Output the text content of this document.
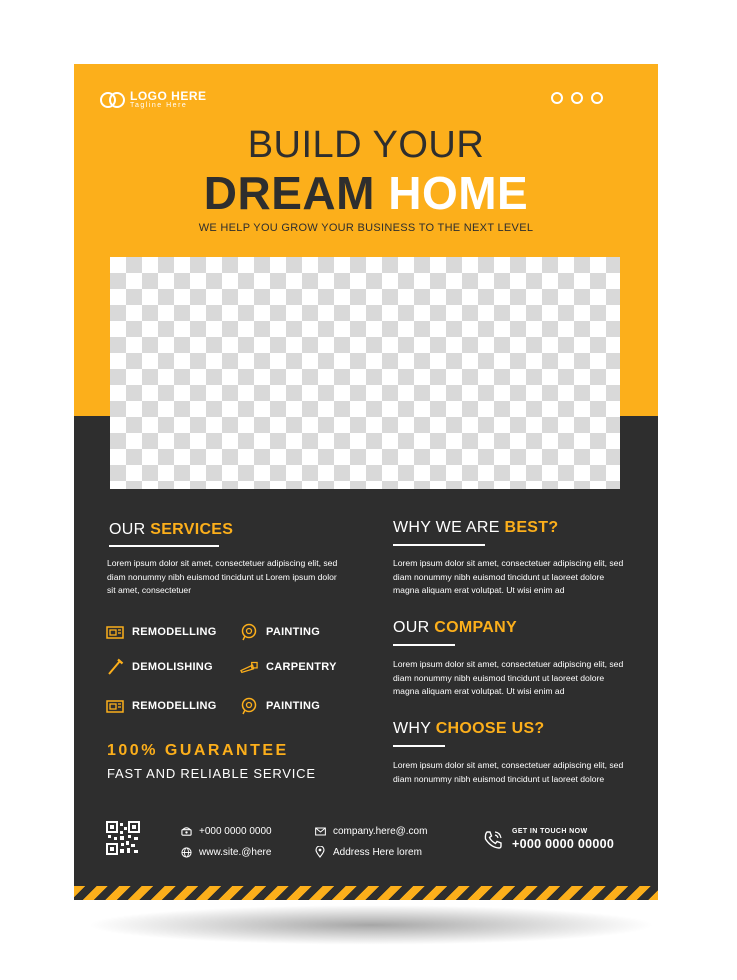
LOGO HERE
Tagline Here
BUILD YOUR
DREAM HOME
WE HELP YOU GROW YOUR BUSINESS TO THE NEXT LEVEL
OUR SERVICES
Lorem ipsum dolor sit amet, consectetuer adipiscing elit, sed diam nonummy nibh euismod tincidunt ut Lorem ipsum dolor sit amet, consectetuer
REMODELLING	PAINTING
DEMOLISHING	CARPENTRY
REMODELLING	PAINTING
100% GUARANTEE
FAST AND RELIABLE SERVICE
WHY WE ARE BEST?
Lorem ipsum dolor sit amet, consectetuer adipiscing elit, sed diam nonummy nibh euismod tincidunt ut laoreet dolore magna aliquam erat volutpat. Ut wisi enim ad
OUR COMPANY
Lorem ipsum dolor sit amet, consectetuer adipiscing elit, sed diam nonummy nibh euismod tincidunt ut laoreet dolore magna aliquam erat volutpat. Ut wisi enim ad
WHY CHOOSE US?
Lorem ipsum dolor sit amet, consectetuer adipiscing elit, sed diam nonummy nibh euismod tincidunt ut laoreet dolore
+000 0000 0000
www.site.@here
company.here@.com
Address Here lorem
GET IN TOUCH NOW
+000 0000 00000
